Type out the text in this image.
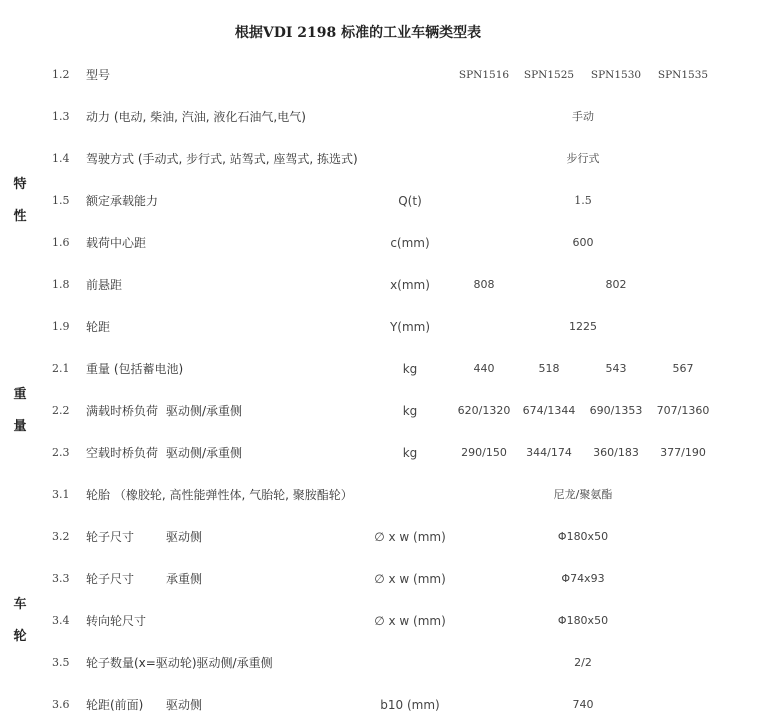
根据VDI 2198 标准的工业车辆类型表
特
性
重
量
车
轮
1.2 型号	SPN1516	SPN1525	SPN1530	SPN1535
1.3 动力 (电动, 柴油, 汽油, 液化石油气,电气)	手动
1.4 驾驶方式 (手动式, 步行式, 站驾式, 座驾式, 拣选式)	步行式
1.5 额定承载能力	Q(t)	1.5
1.6 载荷中心距	c(mm)	600
1.8 前悬距	x(mm)	808	802
1.9 轮距	Y(mm)	1225
2.1 重量 (包括蓄电池)	kg	440	518	543	567
2.2 满载时桥负荷 驱动侧/承重侧	kg	620/1320	674/1344	690/1353	707/1360
2.3 空载时桥负荷 驱动侧/承重侧	kg	290/150	344/174	360/183	377/190
3.1 轮胎 （橡胶轮, 高性能弹性体, 气胎轮, 聚胺酯轮）	尼龙/聚氨酯
3.2 轮子尺寸	驱动侧	∅ x w (mm)	Φ180x50
3.3 轮子尺寸	承重侧	∅ x w (mm)	Φ74x93
3.4 转向轮尺寸	∅ x w (mm)	Φ180x50
3.5 轮子数量(x=驱动轮)驱动侧/承重侧	2/2
3.6 轮距(前面) 驱动侧	b10 (mm)	740
